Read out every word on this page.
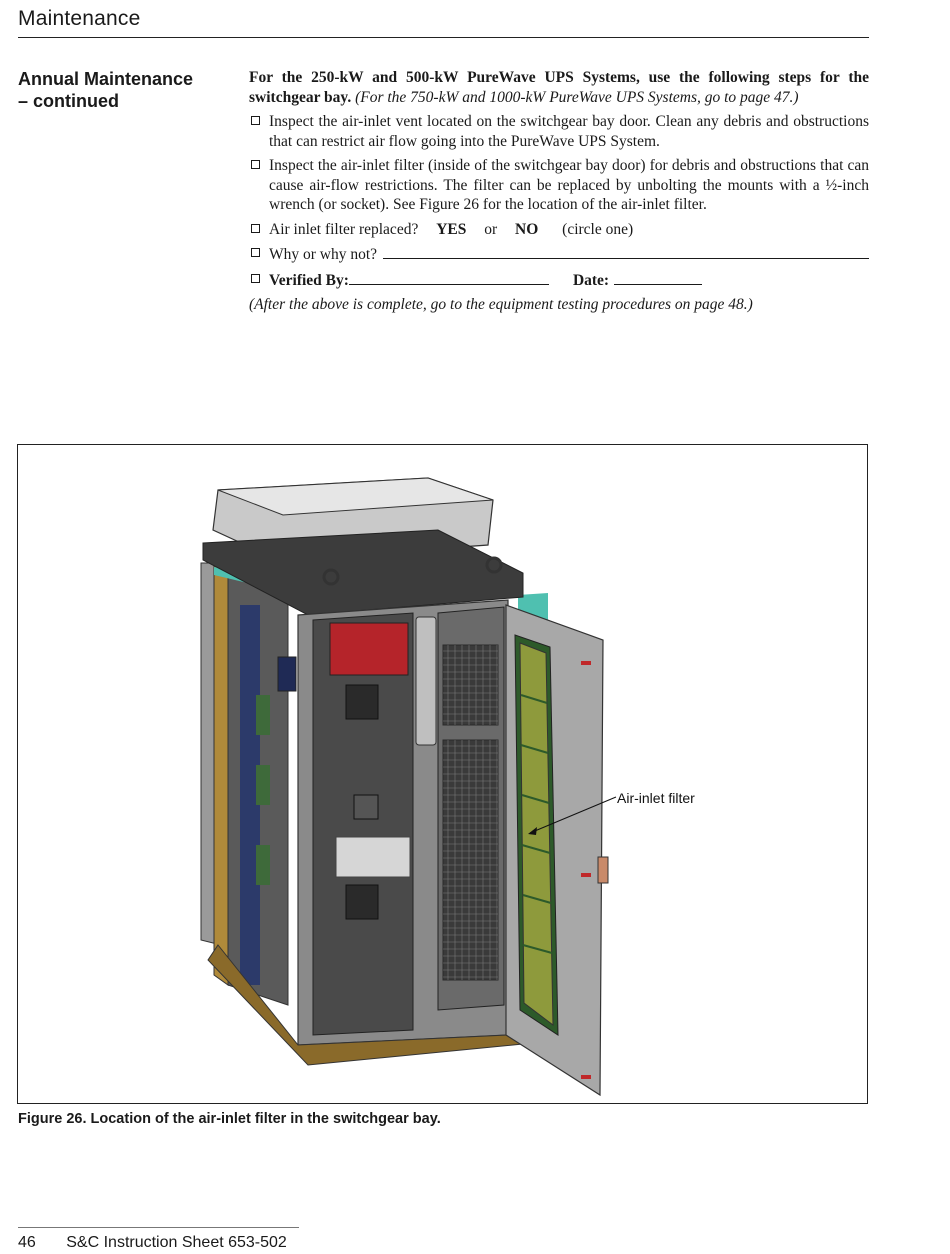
Maintenance
Annual Maintenance
– continued

For the 250-kW and 500-kW PureWave UPS Systems, use the following steps for the switchgear bay. (For the 750-kW and 1000-kW PureWave UPS Systems, go to page 47.)

Inspect the air-inlet vent located on the switchgear bay door. Clean any debris and obstructions that can restrict air flow going into the PureWave UPS System.
Inspect the air-inlet filter (inside of the switchgear bay door) for debris and obstructions that can cause air-flow restrictions. The filter can be replaced by unbolting the mounts with a ½-inch wrench (or socket). See Figure 26 for the location of the air-inlet filter.
Air inlet filter replaced? YES or NO (circle one)
Why or why not?
Verified By:	Date:

(After the above is complete, go to the equipment testing procedures on page 48.)

Air-inlet filter
Figure 26. Location of the air-inlet filter in the switchgear bay.
46 S&C Instruction Sheet 653-502
